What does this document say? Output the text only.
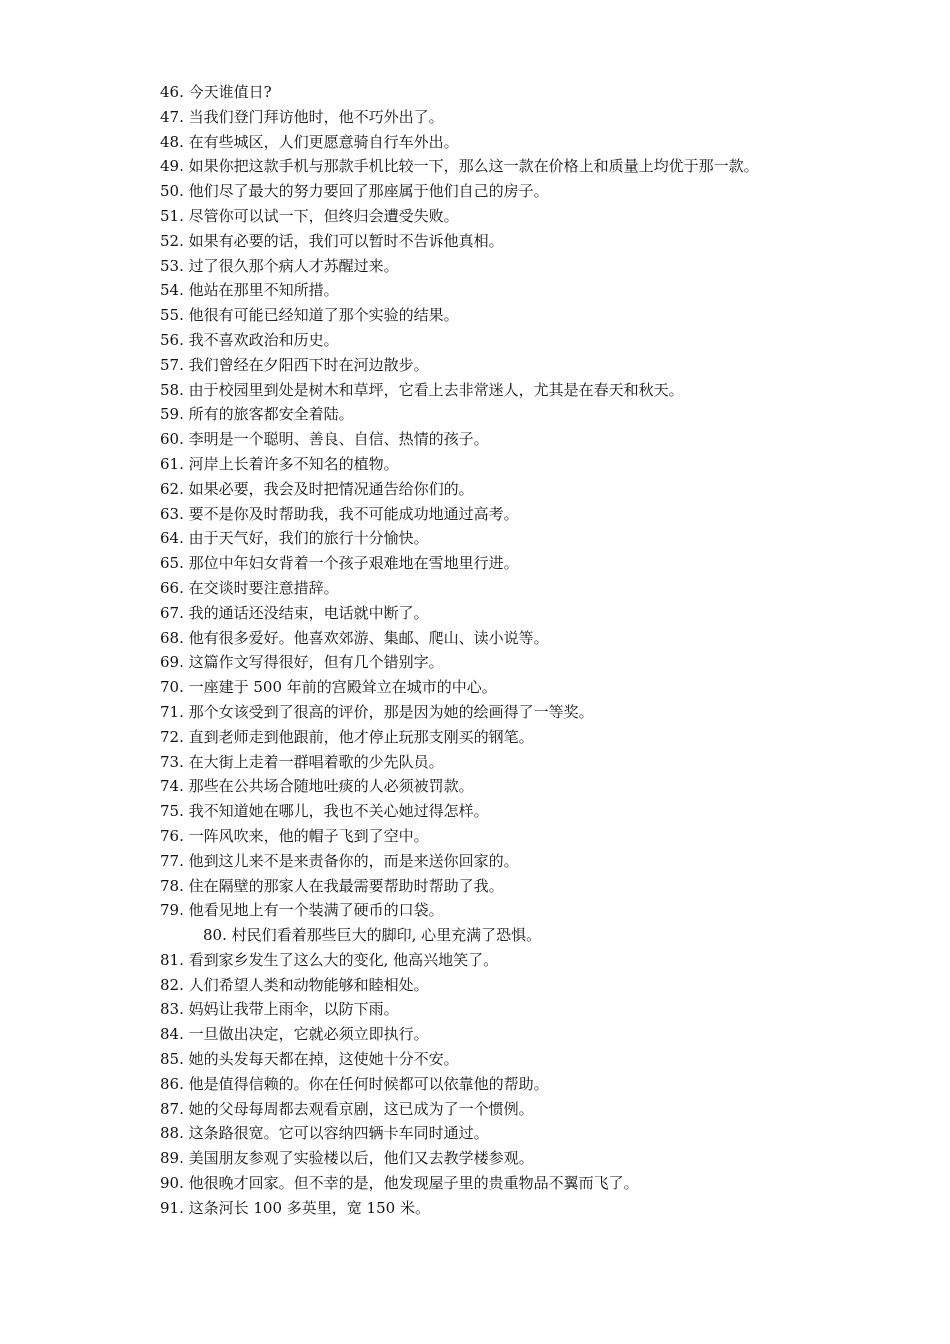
46. 今天谁值日?
47. 当我们登门拜访他时，他不巧外出了。
48. 在有些城区，人们更愿意骑自行车外出。
49. 如果你把这款手机与那款手机比较一下，那么这一款在价格上和质量上均优于那一款。
50. 他们尽了最大的努力要回了那座属于他们自己的房子。
51. 尽管你可以试一下，但终归会遭受失败。
52. 如果有必要的话，我们可以暂时不告诉他真相。
53. 过了很久那个病人才苏醒过来。
54. 他站在那里不知所措。
55. 他很有可能已经知道了那个实验的结果。
56. 我不喜欢政治和历史。
57. 我们曾经在夕阳西下时在河边散步。
58. 由于校园里到处是树木和草坪，它看上去非常迷人，尤其是在春天和秋天。
59. 所有的旅客都安全着陆。
60. 李明是一个聪明、善良、自信、热情的孩子。
61. 河岸上长着许多不知名的植物。
62. 如果必要，我会及时把情况通告给你们的。
63. 要不是你及时帮助我，我不可能成功地通过高考。
64. 由于天气好，我们的旅行十分愉快。
65. 那位中年妇女背着一个孩子艰难地在雪地里行进。
66. 在交谈时要注意措辞。
67. 我的通话还没结束，电话就中断了。
68. 他有很多爱好。他喜欢郊游、集邮、爬山、读小说等。
69. 这篇作文写得很好，但有几个错别字。
70. 一座建于 500 年前的宫殿耸立在城市的中心。
71. 那个女该受到了很高的评价，那是因为她的绘画得了一等奖。
72. 直到老师走到他跟前，他才停止玩那支刚买的钢笔。
73. 在大街上走着一群唱着歌的少先队员。
74. 那些在公共场合随地吐痰的人必须被罚款。
75. 我不知道她在哪儿，我也不关心她过得怎样。
76. 一阵风吹来，他的帽子飞到了空中。
77. 他到这儿来不是来责备你的，而是来送你回家的。
78. 住在隔壁的那家人在我最需要帮助时帮助了我。
79. 他看见地上有一个装满了硬币的口袋。
80. 村民们看着那些巨大的脚印, 心里充满了恐惧。
81. 看到家乡发生了这么大的变化, 他高兴地笑了。
82. 人们希望人类和动物能够和睦相处。
83. 妈妈让我带上雨伞，以防下雨。
84. 一旦做出决定，它就必须立即执行。
85. 她的头发每天都在掉，这使她十分不安。
86. 他是值得信赖的。你在任何时候都可以依靠他的帮助。
87. 她的父母每周都去观看京剧，这已成为了一个惯例。
88. 这条路很宽。它可以容纳四辆卡车同时通过。
89. 美国朋友参观了实验楼以后，他们又去教学楼参观。
90. 他很晚才回家。但不幸的是，他发现屋子里的贵重物品不翼而飞了。
91. 这条河长 100 多英里，宽 150 米。
